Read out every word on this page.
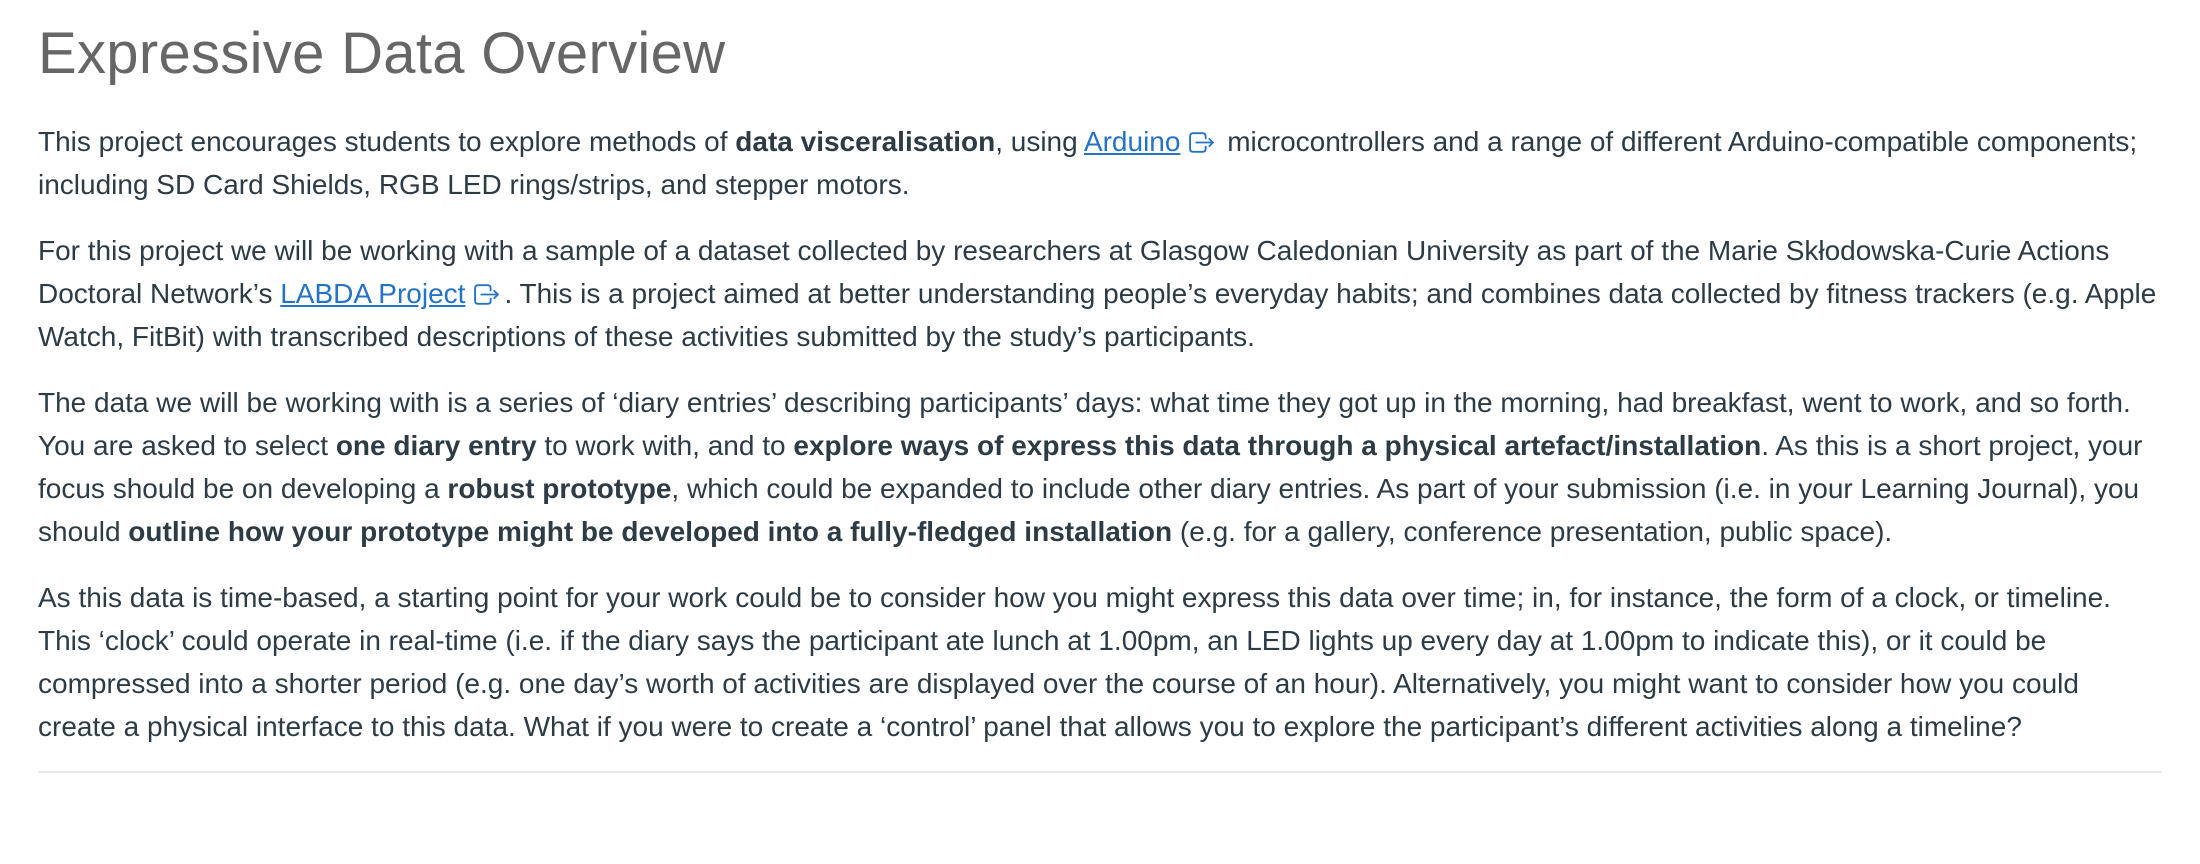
Expressive Data Overview

This project encourages students to explore methods of data visceralisation, using Arduino microcontrollers and a range of different Arduino-compatible components; including SD Card Shields, RGB LED rings/strips, and stepper motors.

For this project we will be working with a sample of a dataset collected by researchers at Glasgow Caledonian University as part of the Marie Skłodowska-Curie Actions Doctoral Network’s LABDA Project . This is a project aimed at better understanding people’s everyday habits; and combines data collected by fitness trackers (e.g. Apple Watch, FitBit) with transcribed descriptions of these activities submitted by the study’s participants.

The data we will be working with is a series of ‘diary entries’ describing participants’ days: what time they got up in the morning, had breakfast, went to work, and so forth. You are asked to select one diary entry to work with, and to explore ways of express this data through a physical artefact/installation. As this is a short project, your focus should be on developing a robust prototype, which could be expanded to include other diary entries. As part of your submission (i.e. in your Learning Journal), you should outline how your prototype might be developed into a fully-fledged installation (e.g. for a gallery, conference presentation, public space).

As this data is time-based, a starting point for your work could be to consider how you might express this data over time; in, for instance, the form of a clock, or timeline. This ‘clock’ could operate in real-time (i.e. if the diary says the participant ate lunch at 1.00pm, an LED lights up every day at 1.00pm to indicate this), or it could be compressed into a shorter period (e.g. one day’s worth of activities are displayed over the course of an hour). Alternatively, you might want to consider how you could create a physical interface to this data. What if you were to create a ‘control’ panel that allows you to explore the participant’s different activities along a timeline?
